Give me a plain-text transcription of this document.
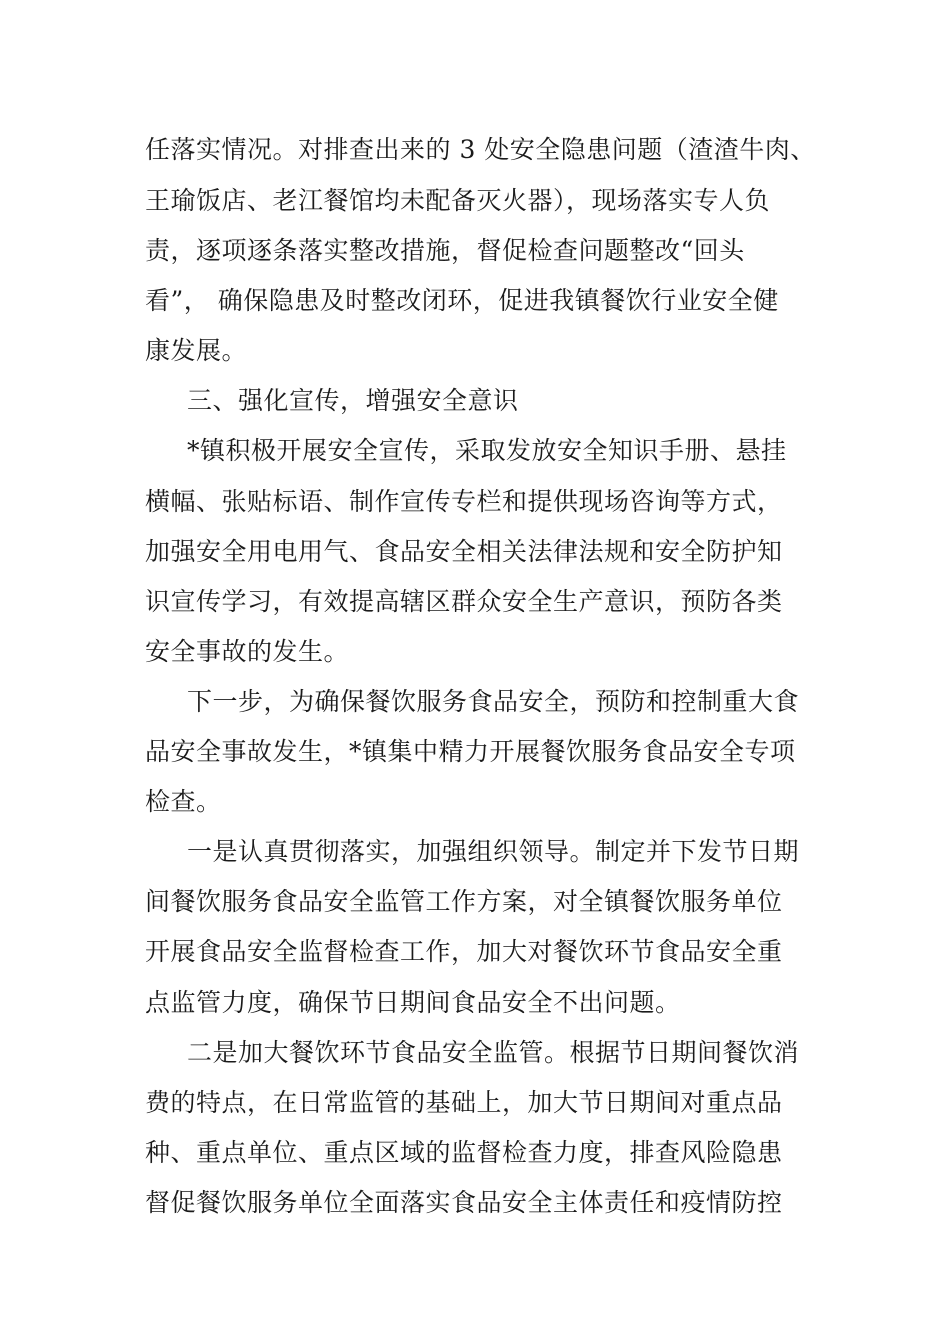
任落实情况。对排查出来的 3 处安全隐患问题（渣渣牛肉、
王瑜饭店、老江餐馆均未配备灭火器），现场落实专人负
责，逐项逐条落实整改措施，督促检查问题整改“回头
看”， 确保隐患及时整改闭环，促进我镇餐饮行业安全健
康发展。
三、强化宣传，增强安全意识
*镇积极开展安全宣传，采取发放安全知识手册、悬挂
横幅、张贴标语、制作宣传专栏和提供现场咨询等方式，
加强安全用电用气、食品安全相关法律法规和安全防护知
识宣传学习，有效提高辖区群众安全生产意识，预防各类
安全事故的发生。
下一步，为确保餐饮服务食品安全，预防和控制重大食
品安全事故发生，*镇集中精力开展餐饮服务食品安全专项
检查。
一是认真贯彻落实，加强组织领导。制定并下发节日期
间餐饮服务食品安全监管工作方案，对全镇餐饮服务单位
开展食品安全监督检查工作，加大对餐饮环节食品安全重
点监管力度，确保节日期间食品安全不出问题。
二是加大餐饮环节食品安全监管。根据节日期间餐饮消
费的特点，在日常监管的基础上，加大节日期间对重点品
种、重点单位、重点区域的监督检查力度，排查风险隐患
督促餐饮服务单位全面落实食品安全主体责任和疫情防控
